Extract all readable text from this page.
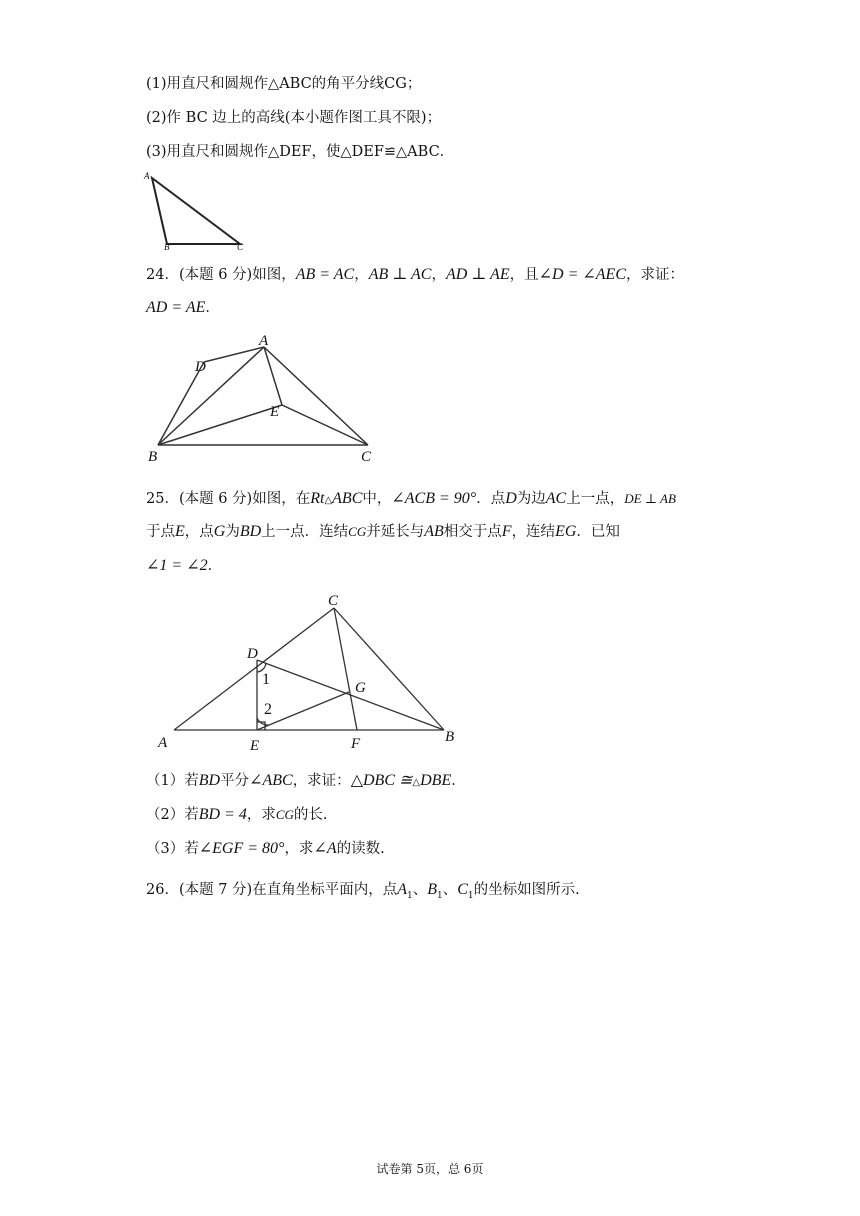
(1)用直尺和圆规作△ABC的角平分线CG；
(2)作 BC 边上的高线(本小题作图工具不限)；
(3)用直尺和圆规作△DEF，使△DEF≌△ABC．
A
B	C
24．(本题 6 分)如图，AB = AC，AB ⊥ AC，AD ⊥ AE，且∠D = ∠AEC，求证：
AD = AE．
A
D
E
B	C
25．(本题 6 分)如图，在Rt△ABC中，∠ACB = 90°．点D为边AC上一点，DE ⊥ AB
于点E，点G为BD上一点．连结CG并延长与AB相交于点F，连结EG．已知
∠1 = ∠2．
C
D
1
2
G
A	E	F	B
（1）若BD平分∠ABC，求证：△DBC ≅△DBE．
（2）若BD = 4，求CG的长.
（3）若∠EGF = 80°，求∠A的读数.
26．(本题 7 分)在直角坐标平面内，点$A_1$、$B_1$、$C_1$的坐标如图所示.
试卷第 5页，总 6页
